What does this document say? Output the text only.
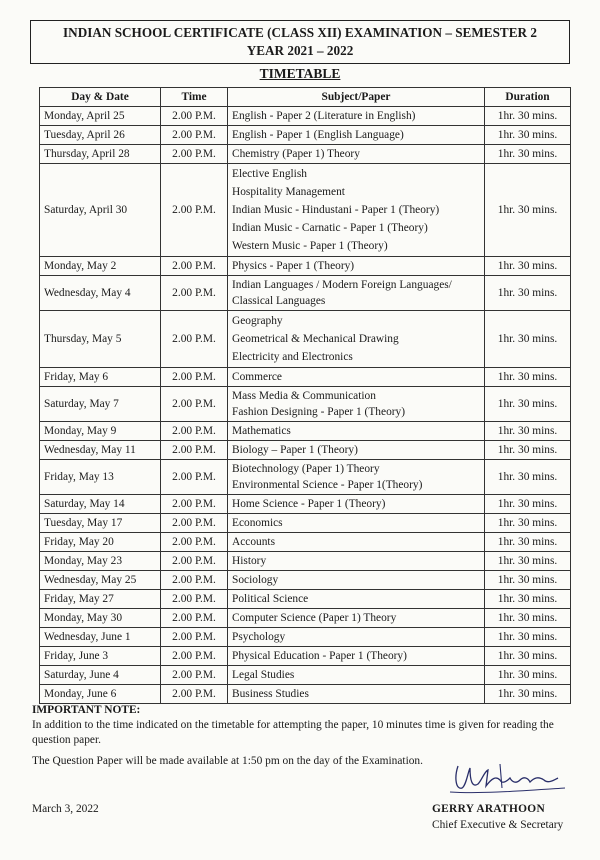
INDIAN SCHOOL CERTIFICATE (CLASS XII) EXAMINATION – SEMESTER 2
YEAR 2021 – 2022
TIMETABLE
Day & Date	Time	Subject/Paper	Duration
Monday, April 25	2.00 P.M.	English - Paper 2 (Literature in English)	1hr. 30 mins.
Tuesday, April 26	2.00 P.M.	English - Paper 1 (English Language)	1hr. 30 mins.
Thursday, April 28	2.00 P.M.	Chemistry (Paper 1) Theory	1hr. 30 mins.
Saturday, April 30	2.00 P.M.	Elective English
Hospitality Management
Indian Music - Hindustani - Paper 1 (Theory)
Indian Music - Carnatic - Paper 1 (Theory)
Western Music - Paper 1 (Theory)	1hr. 30 mins.
Monday, May 2	2.00 P.M.	Physics - Paper 1 (Theory)	1hr. 30 mins.
Wednesday, May 4	2.00 P.M.	Indian Languages / Modern Foreign Languages/
Classical Languages	1hr. 30 mins.
Thursday, May 5	2.00 P.M.	Geography
Geometrical & Mechanical Drawing
Electricity and Electronics	1hr. 30 mins.
Friday, May 6	2.00 P.M.	Commerce	1hr. 30 mins.
Saturday, May 7	2.00 P.M.	Mass Media & Communication
Fashion Designing - Paper 1 (Theory)	1hr. 30 mins.
Monday, May 9	2.00 P.M.	Mathematics	1hr. 30 mins.
Wednesday, May 11	2.00 P.M.	Biology – Paper 1 (Theory)	1hr. 30 mins.
Friday, May 13	2.00 P.M.	Biotechnology (Paper 1) Theory
Environmental Science - Paper 1(Theory)	1hr. 30 mins.
Saturday, May 14	2.00 P.M.	Home Science - Paper 1 (Theory)	1hr. 30 mins.
Tuesday, May 17	2.00 P.M.	Economics	1hr. 30 mins.
Friday, May 20	2.00 P.M.	Accounts	1hr. 30 mins.
Monday, May 23	2.00 P.M.	History	1hr. 30 mins.
Wednesday, May 25	2.00 P.M.	Sociology	1hr. 30 mins.
Friday, May 27	2.00 P.M.	Political Science	1hr. 30 mins.
Monday, May 30	2.00 P.M.	Computer Science (Paper 1) Theory	1hr. 30 mins.
Wednesday, June 1	2.00 P.M.	Psychology	1hr. 30 mins.
Friday, June 3	2.00 P.M.	Physical Education - Paper 1 (Theory)	1hr. 30 mins.
Saturday, June 4	2.00 P.M.	Legal Studies	1hr. 30 mins.
Monday, June 6	2.00 P.M.	Business Studies	1hr. 30 mins.
IMPORTANT NOTE:

In addition to the time indicated on the timetable for attempting the paper, 10 minutes time is given for reading the question paper.

The Question Paper will be made available at 1:50 pm on the day of the Examination.

March 3, 2022	GERRY ARATHOON
Chief Executive & Secretary
